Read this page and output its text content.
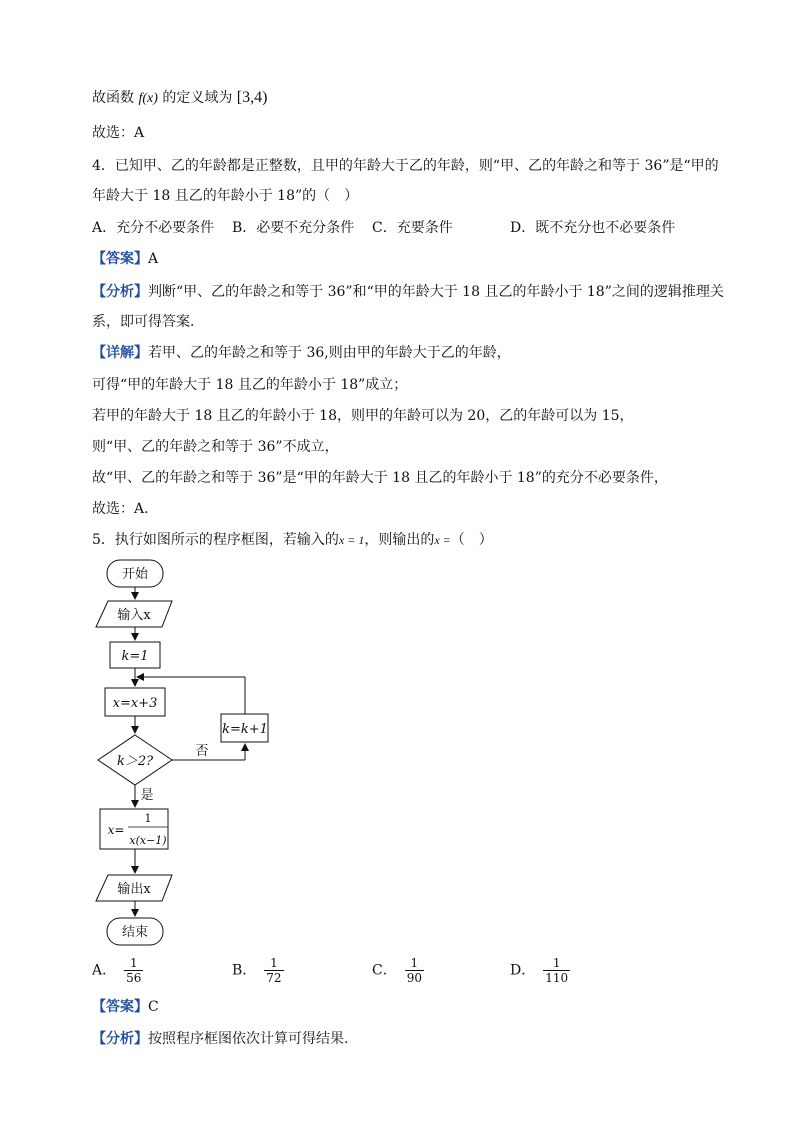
故函数 f(x) 的定义域为 [3,4)
故选：A
4．已知甲、乙的年龄都是正整数，且甲的年龄大于乙的年龄，则“甲、乙的年龄之和等于 36”是“甲的
年龄大于 18 且乙的年龄小于 18”的（　）
A．充分不必要条件 B．必要不充分条件 C．充要条件	D．既不充分也不必要条件
【答案】A
【分析】判断“甲、乙的年龄之和等于 36”和“甲的年龄大于 18 且乙的年龄小于 18”之间的逻辑推理关
系，即可得答案.
【详解】若甲、乙的年龄之和等于 36,则由甲的年龄大于乙的年龄，
可得“甲的年龄大于 18 且乙的年龄小于 18”成立；
若甲的年龄大于 18 且乙的年龄小于 18，则甲的年龄可以为 20，乙的年龄可以为 15，
则“甲、乙的年龄之和等于 36”不成立，
故“甲、乙的年龄之和等于 36”是“甲的年龄大于 18 且乙的年龄小于 18”的充分不必要条件，
故选：A.
5．执行如图所示的程序框图，若输入的x = 1，则输出的x =（　）
开始
输入x
k=1
x=x+3
k＞2?
否
k=k+1
是
x=
1
x(x−1)
输出x
结束
A． $\frac{1}{56}$	B． $\frac{1}{72}$	C． $\frac{1}{90}$	D． $\frac{1}{110}$
【答案】C
【分析】按照程序框图依次计算可得结果.
